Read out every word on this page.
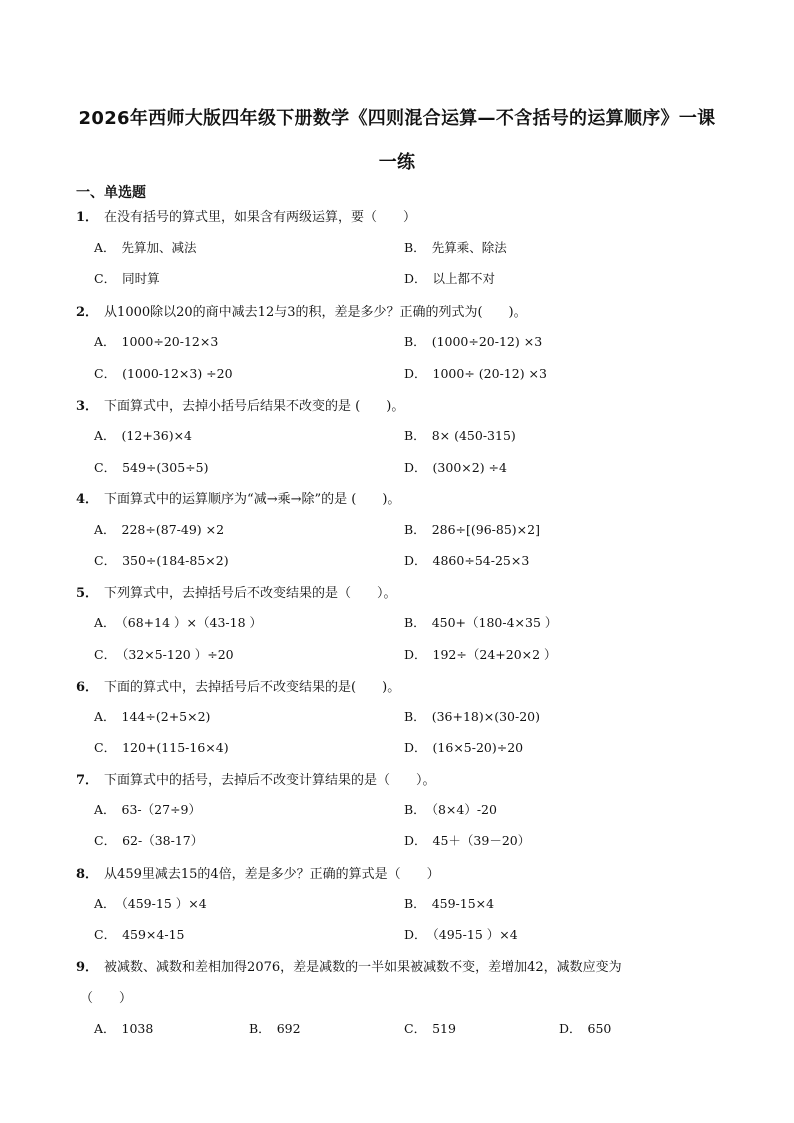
2026年西师大版四年级下册数学《四则混合运算—不含括号的运算顺序》一课
一练
一、单选题
1． 在没有括号的算式里，如果含有两级运算，要（　　）
A． 先算加、减法	B． 先算乘、除法
C． 同时算	D． 以上都不对
2． 从1000除以20的商中减去12与3的积，差是多少？正确的列式为(　　)。
A． 1000÷20-12×3	B． (1000÷20-12) ×3
C． (1000-12×3) ÷20	D． 1000÷ (20-12) ×3
3． 下面算式中，去掉小括号后结果不改变的是 (　　)。
A． (12+36)×4	B． 8× (450-315)
C． 549÷(305÷5)	D． (300×2) ÷4
4． 下面算式中的运算顺序为“减→乘→除”的是 (　　)。
A． 228÷(87-49) ×2	B． 286÷[(96-85)×2]
C． 350÷(184-85×2)	D． 4860÷54-25×3
5． 下列算式中，去掉括号后不改变结果的是（　　）。
A． （68+14 ）×（43-18 ）	B． 450+（180-4×35 ）
C． （32×5-120 ）÷20	D． 192÷（24+20×2 ）
6． 下面的算式中，去掉括号后不改变结果的是(　　)。
A． 144÷(2+5×2)	B． (36+18)×(30-20)
C． 120+(115-16×4)	D． (16×5-20)÷20
7． 下面算式中的括号，去掉后不改变计算结果的是（　　）。
A． 63-（27÷9）	B． （8×4）-20
C． 62-（38-17）	D． 45＋（39－20）
8． 从459里减去15的4倍，差是多少？正确的算式是（　　）
A． （459-15 ）×4	B． 459-15×4
C． 459×4-15	D． （495-15 ）×4
9． 被减数、减数和差相加得2076，差是减数的一半如果被减数不变，差增加42，减数应变为
（　　）
A． 1038	B． 692	C． 519	D． 650
